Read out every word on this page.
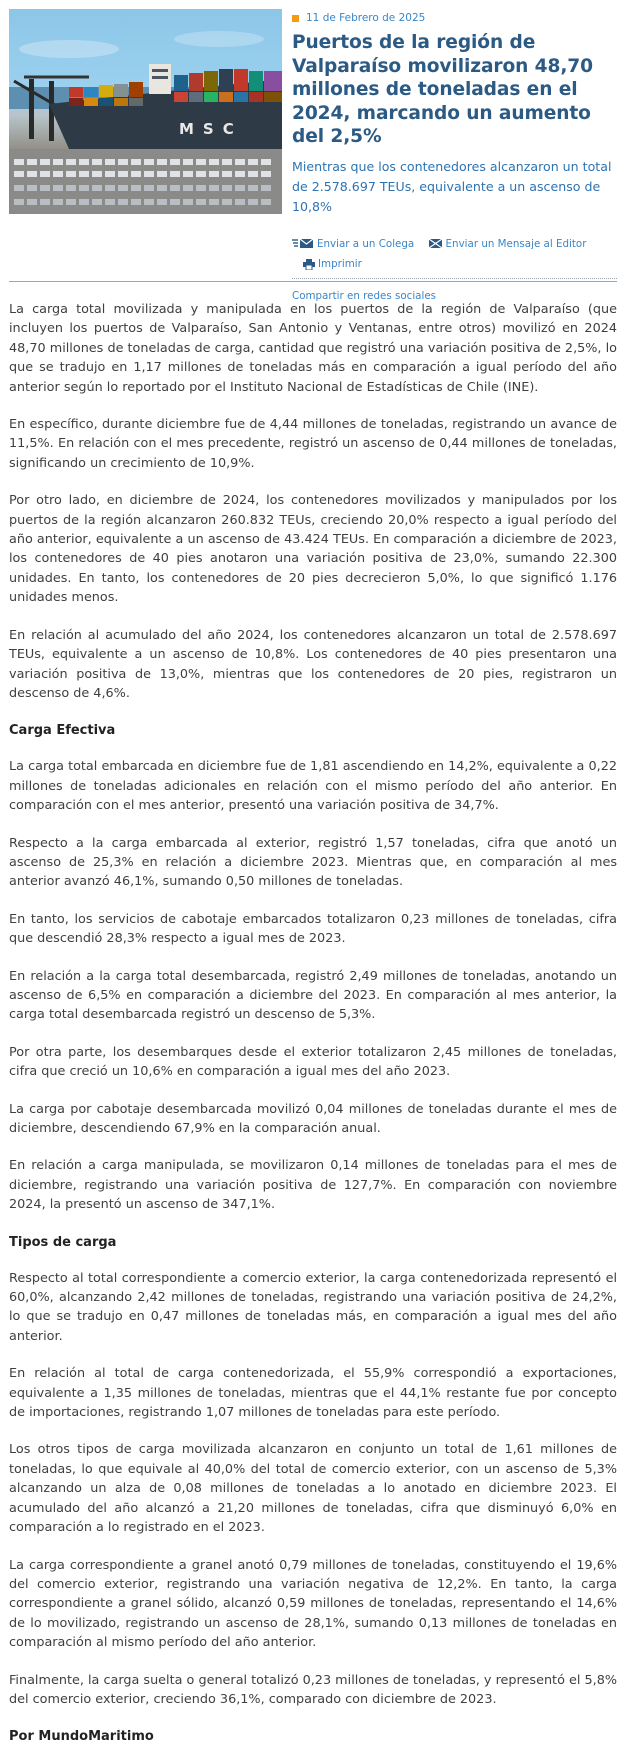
MSC
11 de Febrero de 2025
Puertos de la región de Valparaíso movilizaron 48,70 millones de toneladas en el 2024, marcando un aumento del 2,5%

Mientras que los contenedores alcanzaron un total de 2.578.697 TEUs, equivalente a un ascenso de 10,8%

Enviar a un Colega
	Enviar un Mensaje al Editor
Imprimir
Compartir en redes sociales

La carga total movilizada y manipulada en los puertos de la región de Valparaíso (que incluyen los puertos de Valparaíso, San Antonio y Ventanas, entre otros) movilizó en 2024 48,70 millones de toneladas de carga, cantidad que registró una variación positiva de 2,5%, lo que se tradujo en 1,17 millones de toneladas más en comparación a igual período del año anterior según lo reportado por el Instituto Nacional de Estadísticas de Chile (INE).

En específico, durante diciembre fue de 4,44 millones de toneladas, registrando un avance de 11,5%. En relación con el mes precedente, registró un ascenso de 0,44 millones de toneladas, significando un crecimiento de 10,9%.

Por otro lado, en diciembre de 2024, los contenedores movilizados y manipulados por los puertos de la región alcanzaron 260.832 TEUs, creciendo 20,0% respecto a igual período del año anterior, equivalente a un ascenso de 43.424 TEUs. En comparación a diciembre de 2023, los contenedores de 40 pies anotaron una variación positiva de 23,0%, sumando 22.300 unidades. En tanto, los contenedores de 20 pies decrecieron 5,0%, lo que significó 1.176 unidades menos.

En relación al acumulado del año 2024, los contenedores alcanzaron un total de 2.578.697 TEUs, equivalente a un ascenso de 10,8%. Los contenedores de 40 pies presentaron una variación positiva de 13,0%, mientras que los contenedores de 20 pies, registraron un descenso de 4,6%.

Carga Efectiva

La carga total embarcada en diciembre fue de 1,81 ascendiendo en 14,2%, equivalente a 0,22 millones de toneladas adicionales en relación con el mismo período del año anterior. En comparación con el mes anterior, presentó una variación positiva de 34,7%.

Respecto a la carga embarcada al exterior, registró 1,57 toneladas, cifra que anotó un ascenso de 25,3% en relación a diciembre 2023. Mientras que, en comparación al mes anterior avanzó 46,1%, sumando 0,50 millones de toneladas.

En tanto, los servicios de cabotaje embarcados totalizaron 0,23 millones de toneladas, cifra que descendió 28,3% respecto a igual mes de 2023.

En relación a la carga total desembarcada, registró 2,49 millones de toneladas, anotando un ascenso de 6,5% en comparación a diciembre del 2023. En comparación al mes anterior, la carga total desembarcada registró un descenso de 5,3%.

Por otra parte, los desembarques desde el exterior totalizaron 2,45 millones de toneladas, cifra que creció un 10,6% en comparación a igual mes del año 2023.

La carga por cabotaje desembarcada movilizó 0,04 millones de toneladas durante el mes de diciembre, descendiendo 67,9% en la comparación anual.

En relación a carga manipulada, se movilizaron 0,14 millones de toneladas para el mes de diciembre, registrando una variación positiva de 127,7%. En comparación con noviembre 2024, la presentó un ascenso de 347,1%.

Tipos de carga

Respecto al total correspondiente a comercio exterior, la carga contenedorizada representó el 60,0%, alcanzando 2,42 millones de toneladas, registrando una variación positiva de 24,2%, lo que se tradujo en 0,47 millones de toneladas más, en comparación a igual mes del año anterior.

En relación al total de carga contenedorizada, el 55,9% correspondió a exportaciones, equivalente a 1,35 millones de toneladas, mientras que el 44,1% restante fue por concepto de importaciones, registrando 1,07 millones de toneladas para este período.

Los otros tipos de carga movilizada alcanzaron en conjunto un total de 1,61 millones de toneladas, lo que equivale al 40,0% del total de comercio exterior, con un ascenso de 5,3% alcanzando un alza de 0,08 millones de toneladas a lo anotado en diciembre 2023. El acumulado del año alcanzó a 21,20 millones de toneladas, cifra que disminuyó 6,0% en comparación a lo registrado en el 2023.

La carga correspondiente a granel anotó 0,79 millones de toneladas, constituyendo el 19,6% del comercio exterior, registrando una variación negativa de 12,2%. En tanto, la carga correspondiente a granel sólido, alcanzó 0,59 millones de toneladas, representando el 14,6% de lo movilizado, registrando un ascenso de 28,1%, sumando 0,13 millones de toneladas en comparación al mismo período del año anterior.

Finalmente, la carga suelta o general totalizó 0,23 millones de toneladas, y representó el 5,8% del comercio exterior, creciendo 36,1%, comparado con diciembre de 2023.

Por MundoMaritimo
